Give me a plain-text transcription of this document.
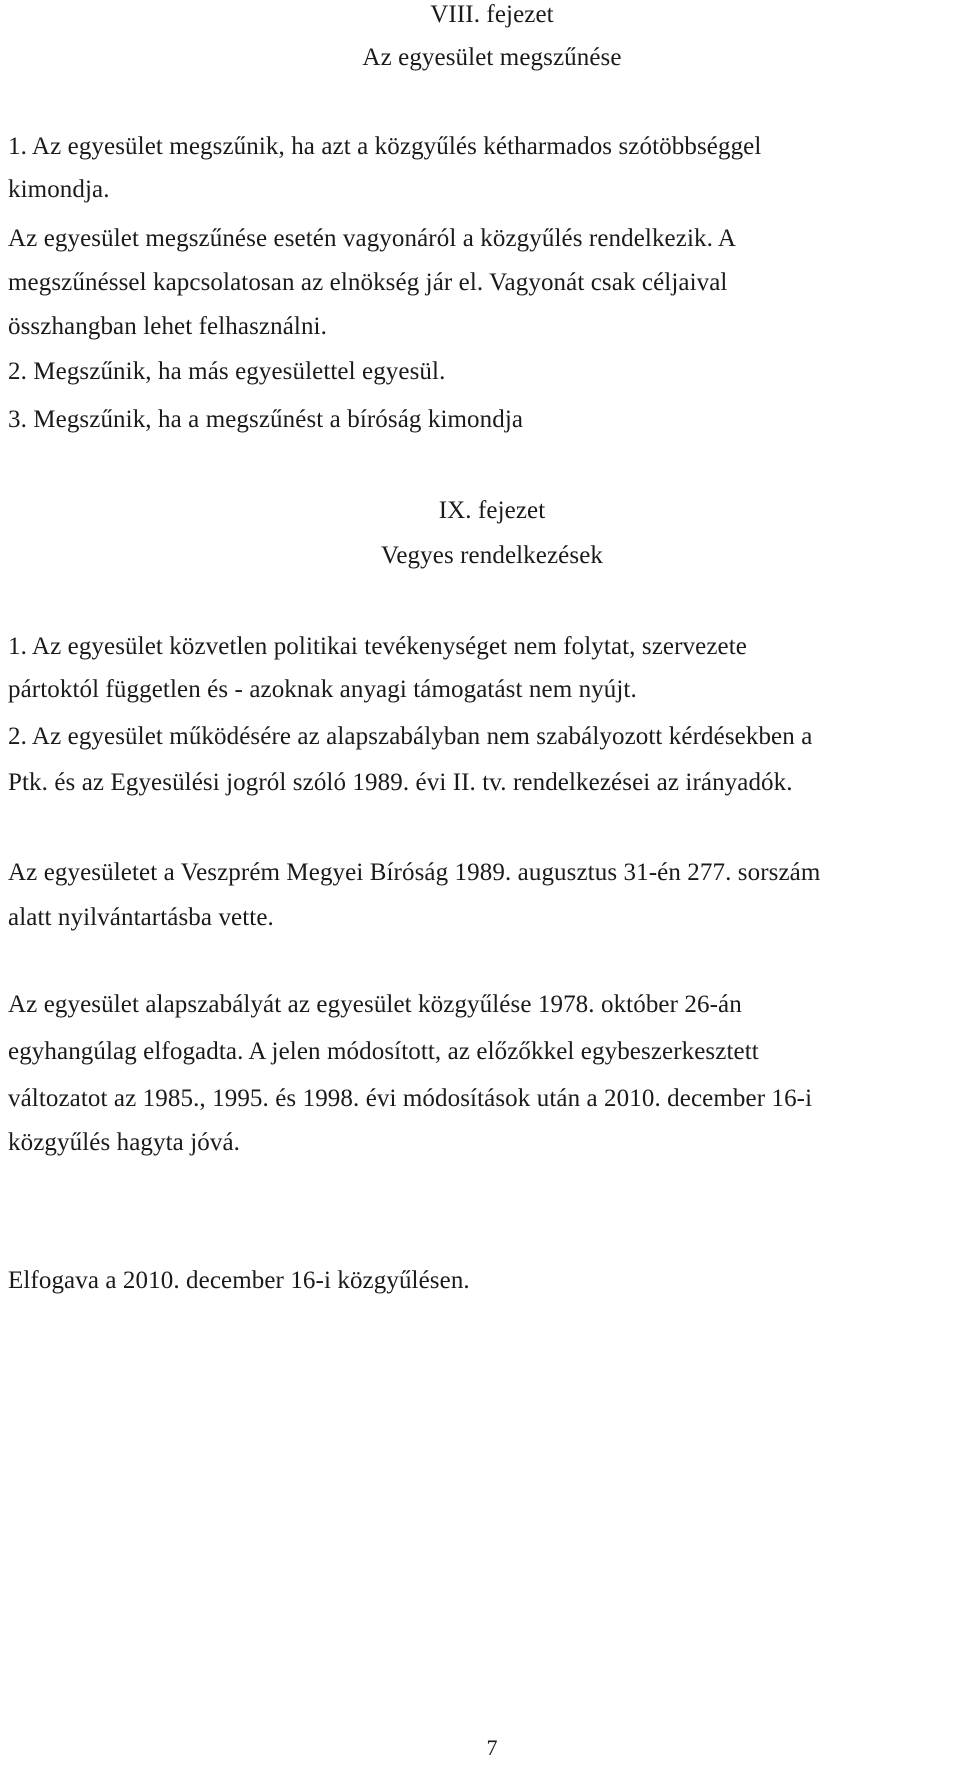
VIII. fejezet
Az egyesület megszűnése
1. Az egyesület megszűnik, ha azt a közgyűlés kétharmados szótöbbséggel
kimondja.
Az egyesület megszűnése esetén vagyonáról a közgyűlés rendelkezik. A
megszűnéssel kapcsolatosan az elnökség jár el. Vagyonát csak céljaival
összhangban lehet felhasználni.
2. Megszűnik, ha más egyesülettel egyesül.
3. Megszűnik, ha a megszűnést a bíróság kimondja
IX. fejezet
Vegyes rendelkezések
1. Az egyesület közvetlen politikai tevékenységet nem folytat, szervezete
pártoktól független és - azoknak anyagi támogatást nem nyújt.
2. Az egyesület működésére az alapszabályban nem szabályozott kérdésekben a
Ptk. és az Egyesülési jogról szóló 1989. évi II. tv. rendelkezései az irányadók.
Az egyesületet a Veszprém Megyei Bíróság 1989. augusztus 31-én 277. sorszám
alatt nyilvántartásba vette.
Az egyesület alapszabályát az egyesület közgyűlése 1978. október 26-án
egyhangúlag elfogadta. A jelen módosított, az előzőkkel egybeszerkesztett
változatot az 1985., 1995. és 1998. évi módosítások után a 2010. december 16-i
közgyűlés hagyta jóvá.
Elfogava a 2010. december 16-i közgyűlésen.
7
